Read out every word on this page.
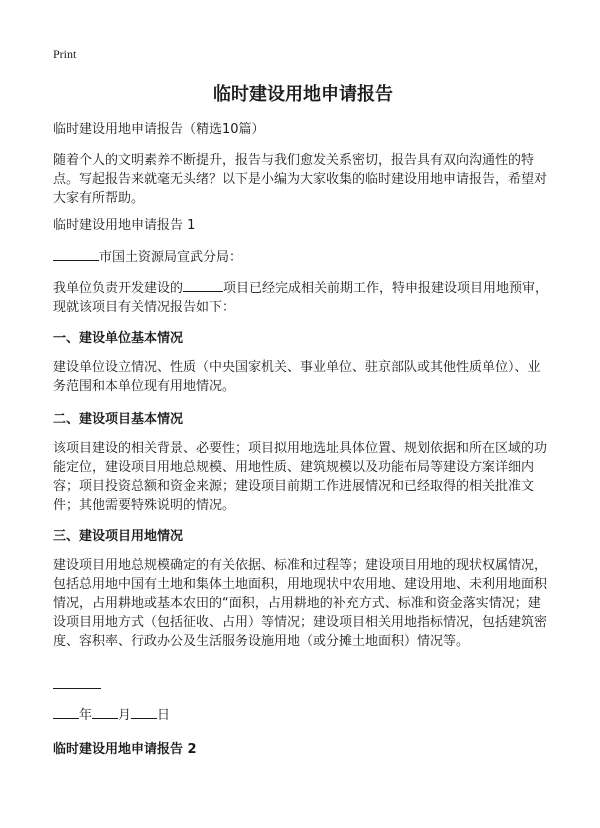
Print
临时建设用地申请报告
临时建设用地申请报告（精选10篇）
随着个人的文明素养不断提升，报告与我们愈发关系密切，报告具有双向沟通性的特点。写起报告来就毫无头绪？以下是小编为大家收集的临时建设用地申请报告，希望对大家有所帮助。
临时建设用地申请报告 1
市国土资源局宣武分局：
我单位负责开发建设的	项目已经完成相关前期工作，特申报建设项目用地预审，现就该项目有关情况报告如下：
一、建设单位基本情况
建设单位设立情况、性质（中央国家机关、事业单位、驻京部队或其他性质单位）、业务范围和本单位现有用地情况。
二、建设项目基本情况
该项目建设的相关背景、必要性；项目拟用地选址具体位置、规划依据和所在区域的功能定位，建设项目用地总规模、用地性质、建筑规模以及功能布局等建设方案详细内容；项目投资总额和资金来源；建设项目前期工作进展情况和已经取得的相关批准文件；其他需要特殊说明的情况。
三、建设项目用地情况
建设项目用地总规模确定的有关依据、标准和过程等；建设项目用地的现状权属情况，包括总用地中国有土地和集体土地面积，用地现状中农用地、建设用地、未利用地面积情况，占用耕地或基本农田的“面积，占用耕地的补充方式、标准和资金落实情况；建设项目用地方式（包括征收、占用）等情况；建设项目相关用地指标情况，包括建筑密度、容积率、行政办公及生活服务设施用地（或分摊土地面积）情况等。
年 月 日
临时建设用地申请报告 2
